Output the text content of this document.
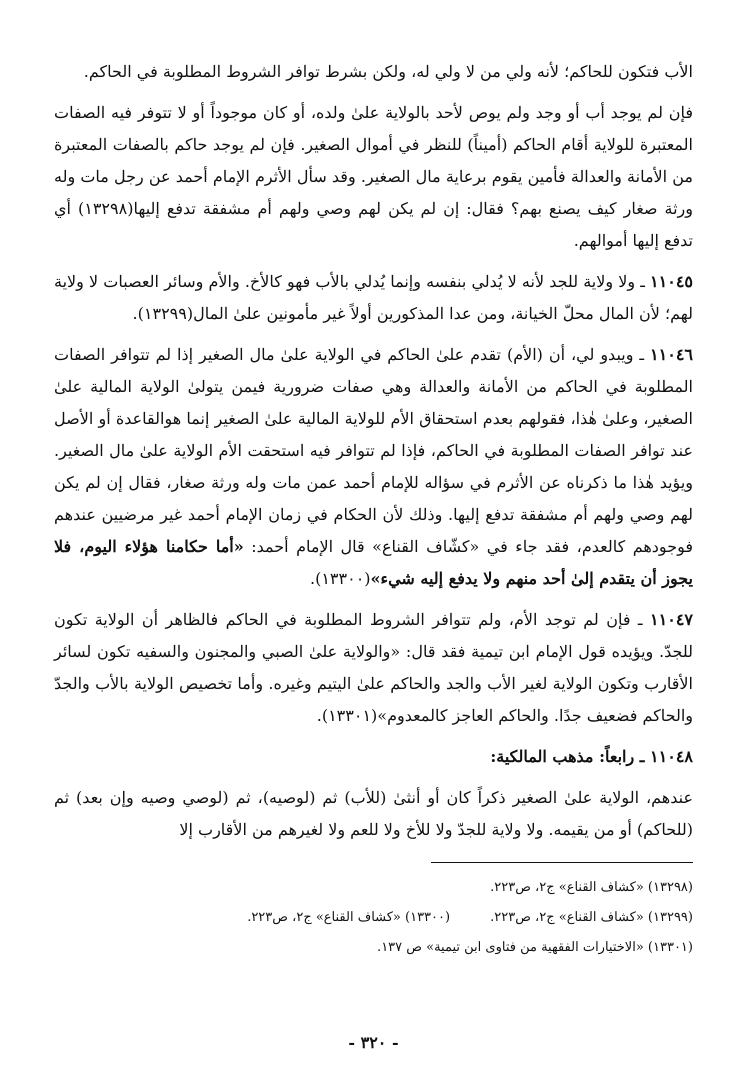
الأب فتكون للحاكم؛ لأنه ولي من لا ولي له، ولكن بشرط توافر الشروط المطلوبة في الحاكم.

فإن لم يوجد أب أو وجد ولم يوص لأحد بالولاية علىٰ ولده، أو كان موجوداً أو لا تتوفر فيه الصفات المعتبرة للولاية أقام الحاكم (أميناً) للنظر في أموال الصغير. فإن لم يوجد حاكم بالصفات المعتبرة من الأمانة والعدالة فأمين يقوم برعاية مال الصغير. وقد سأل الأثرم الإمام أحمد عن رجل مات وله ورثة صغار كيف يصنع بهم؟ فقال: إن لم يكن لهم وصي ولهم أم مشفقة تدفع إليها(١٣٢٩٨) أي تدفع إليها أموالهم.

١١٠٤٥ ـ ولا ولاية للجد لأنه لا يُدلي بنفسه وإنما يُدلي بالأب فهو كالأخ. والأم وسائر العصبات لا ولاية لهم؛ لأن المال محلّ الخيانة، ومن عدا المذكورين أولاً غير مأمونين علىٰ المال(١٣٢٩٩).

١١٠٤٦ ـ ويبدو لي، أن (الأم) تقدم علىٰ الحاكم في الولاية علىٰ مال الصغير إذا لم تتوافر الصفات المطلوبة في الحاكم من الأمانة والعدالة وهي صفات ضرورية فيمن يتولىٰ الولاية المالية علىٰ الصغير، وعلىٰ هٰذا، فقولهم بعدم استحقاق الأم للولاية المالية علىٰ الصغير إنما هوالقاعدة أو الأصل عند توافر الصفات المطلوبة في الحاكم، فإذا لم تتوافر فيه استحقت الأم الولاية علىٰ مال الصغير. ويؤيد هٰذا ما ذكرناه عن الأثرم في سؤاله للإمام أحمد عمن مات وله ورثة صغار، فقال إن لم يكن لهم وصي ولهم أم مشفقة تدفع إليها. وذلك لأن الحكام في زمان الإمام أحمد غير مرضيين عندهم فوجودهم كالعدم، فقد جاء في «كشّاف القناع» قال الإمام أحمد: «أما حكامنا هؤلاء اليوم، فلا يجوز أن يتقدم إلىٰ أحد منهم ولا يدفع إليه شيء»(١٣٣٠٠).

١١٠٤٧ ـ فإن لم توجد الأم، ولم تتوافر الشروط المطلوبة في الحاكم فالظاهر أن الولاية تكون للجدّ. ويؤيده قول الإمام ابن تيمية فقد قال: «والولاية علىٰ الصبي والمجنون والسفيه تكون لسائر الأقارب وتكون الولاية لغير الأب والجد والحاكم علىٰ اليتيم وغيره. وأما تخصيص الولاية بالأب والجدّ والحاكم فضعيف جدًا. والحاكم العاجز كالمعدوم»(١٣٣٠١).

١١٠٤٨ ـ رابعاً: مذهب المالكية:

عندهم، الولاية علىٰ الصغير ذكراً كان أو أنثىٰ (للأب) ثم (لوصيه)، ثم (لوصي وصيه وإن بعد) ثم (للحاكم) أو من يقيمه. ولا ولاية للجدّ ولا للأخ ولا للعم ولا لغيرهم من الأقارب إلا

(١٣٢٩٨) «كشاف القناع» ج٢، ص٢٢٣.

(١٣٢٩٩) «كشاف القناع» ج٢، ص٢٢٣.
(١٣٣٠٠) «كشاف القناع» ج٢، ص٢٢٣.

(١٣٣٠١) «الاختيارات الفقهية من فتاوى ابن تيمية» ص ١٣٧.

- ٣٢٠ -
